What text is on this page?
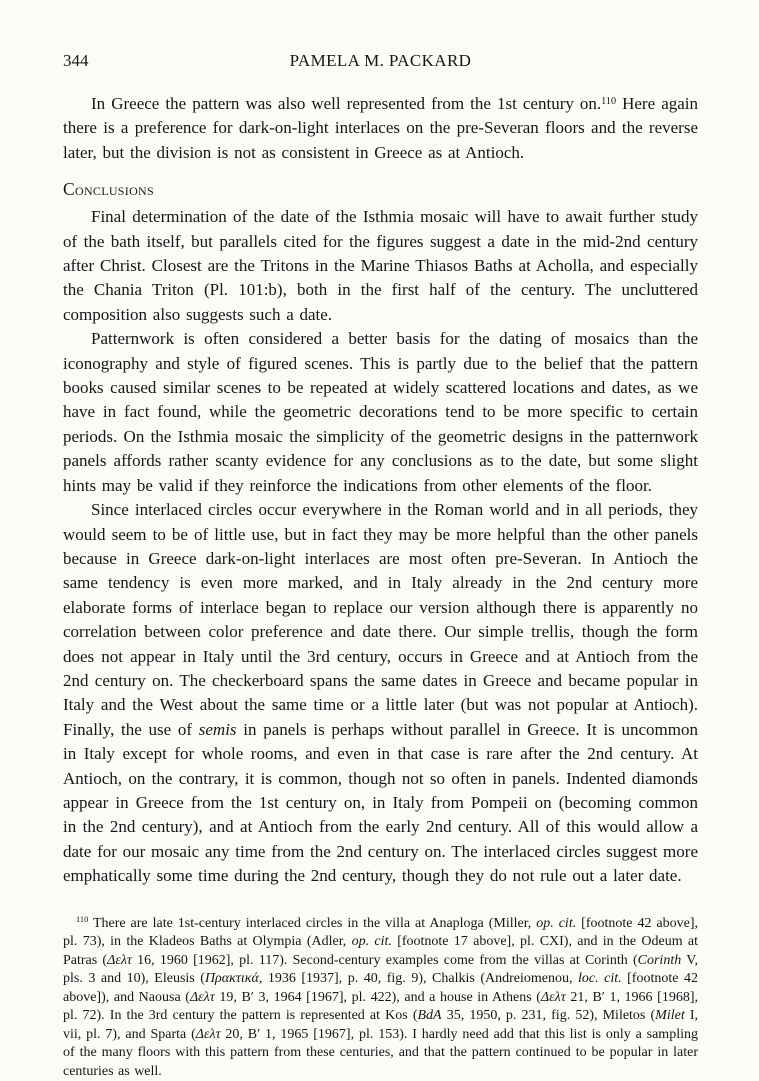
344	PAMELA M. PACKARD

In Greece the pattern was also well represented from the 1st century on.$^{110}$ Here again there is a preference for dark-on-light interlaces on the pre-Severan floors and the reverse later, but the division is not as consistent in Greece as at Antioch.

Conclusions

Final determination of the date of the Isthmia mosaic will have to await further study of the bath itself, but parallels cited for the figures suggest a date in the mid-2nd century after Christ. Closest are the Tritons in the Marine Thiasos Baths at Acholla, and especially the Chania Triton (Pl. 101:b), both in the first half of the century. The uncluttered composition also suggests such a date.

Patternwork is often considered a better basis for the dating of mosaics than the iconography and style of figured scenes. This is partly due to the belief that the pattern books caused similar scenes to be repeated at widely scattered locations and dates, as we have in fact found, while the geometric decorations tend to be more specific to certain periods. On the Isthmia mosaic the simplicity of the geometric designs in the patternwork panels affords rather scanty evidence for any conclusions as to the date, but some slight hints may be valid if they reinforce the indications from other elements of the floor.

Since interlaced circles occur everywhere in the Roman world and in all periods, they would seem to be of little use, but in fact they may be more helpful than the other panels because in Greece dark-on-light interlaces are most often pre-Severan. In Antioch the same tendency is even more marked, and in Italy already in the 2nd century more elaborate forms of interlace began to replace our version although there is apparently no correlation between color preference and date there. Our simple trellis, though the form does not appear in Italy until the 3rd century, occurs in Greece and at Antioch from the 2nd century on. The checkerboard spans the same dates in Greece and became popular in Italy and the West about the same time or a little later (but was not popular at Antioch). Finally, the use of semis in panels is perhaps without parallel in Greece. It is uncommon in Italy except for whole rooms, and even in that case is rare after the 2nd century. At Antioch, on the contrary, it is common, though not so often in panels. Indented diamonds appear in Greece from the 1st century on, in Italy from Pompeii on (becoming common in the 2nd century), and at Antioch from the early 2nd century. All of this would allow a date for our mosaic any time from the 2nd century on. The interlaced circles suggest more emphatically some time during the 2nd century, though they do not rule out a later date.

$^{110}$ There are late 1st-century interlaced circles in the villa at Anaploga (Miller, op. cit. [footnote 42 above], pl. 73), in the Kladeos Baths at Olympia (Adler, op. cit. [footnote 17 above], pl. CXI), and in the Odeum at Patras (Δελτ 16, 1960 [1962], pl. 117). Second-century examples come from the villas at Corinth (Corinth V, pls. 3 and 10), Eleusis (Πρακτικά, 1936 [1937], p. 40, fig. 9), Chalkis (Andreiomenou, loc. cit. [footnote 42 above]), and Naousa (Δελτ 19, B′ 3, 1964 [1967], pl. 422), and a house in Athens (Δελτ 21, B′ 1, 1966 [1968], pl. 72). In the 3rd century the pattern is represented at Kos (BdA 35, 1950, p. 231, fig. 52), Miletos (Milet I, vii, pl. 7), and Sparta (Δελτ 20, B′ 1, 1965 [1967], pl. 153). I hardly need add that this list is only a sampling of the many floors with this pattern from these centuries, and that the pattern continued to be popular in later centuries as well.
